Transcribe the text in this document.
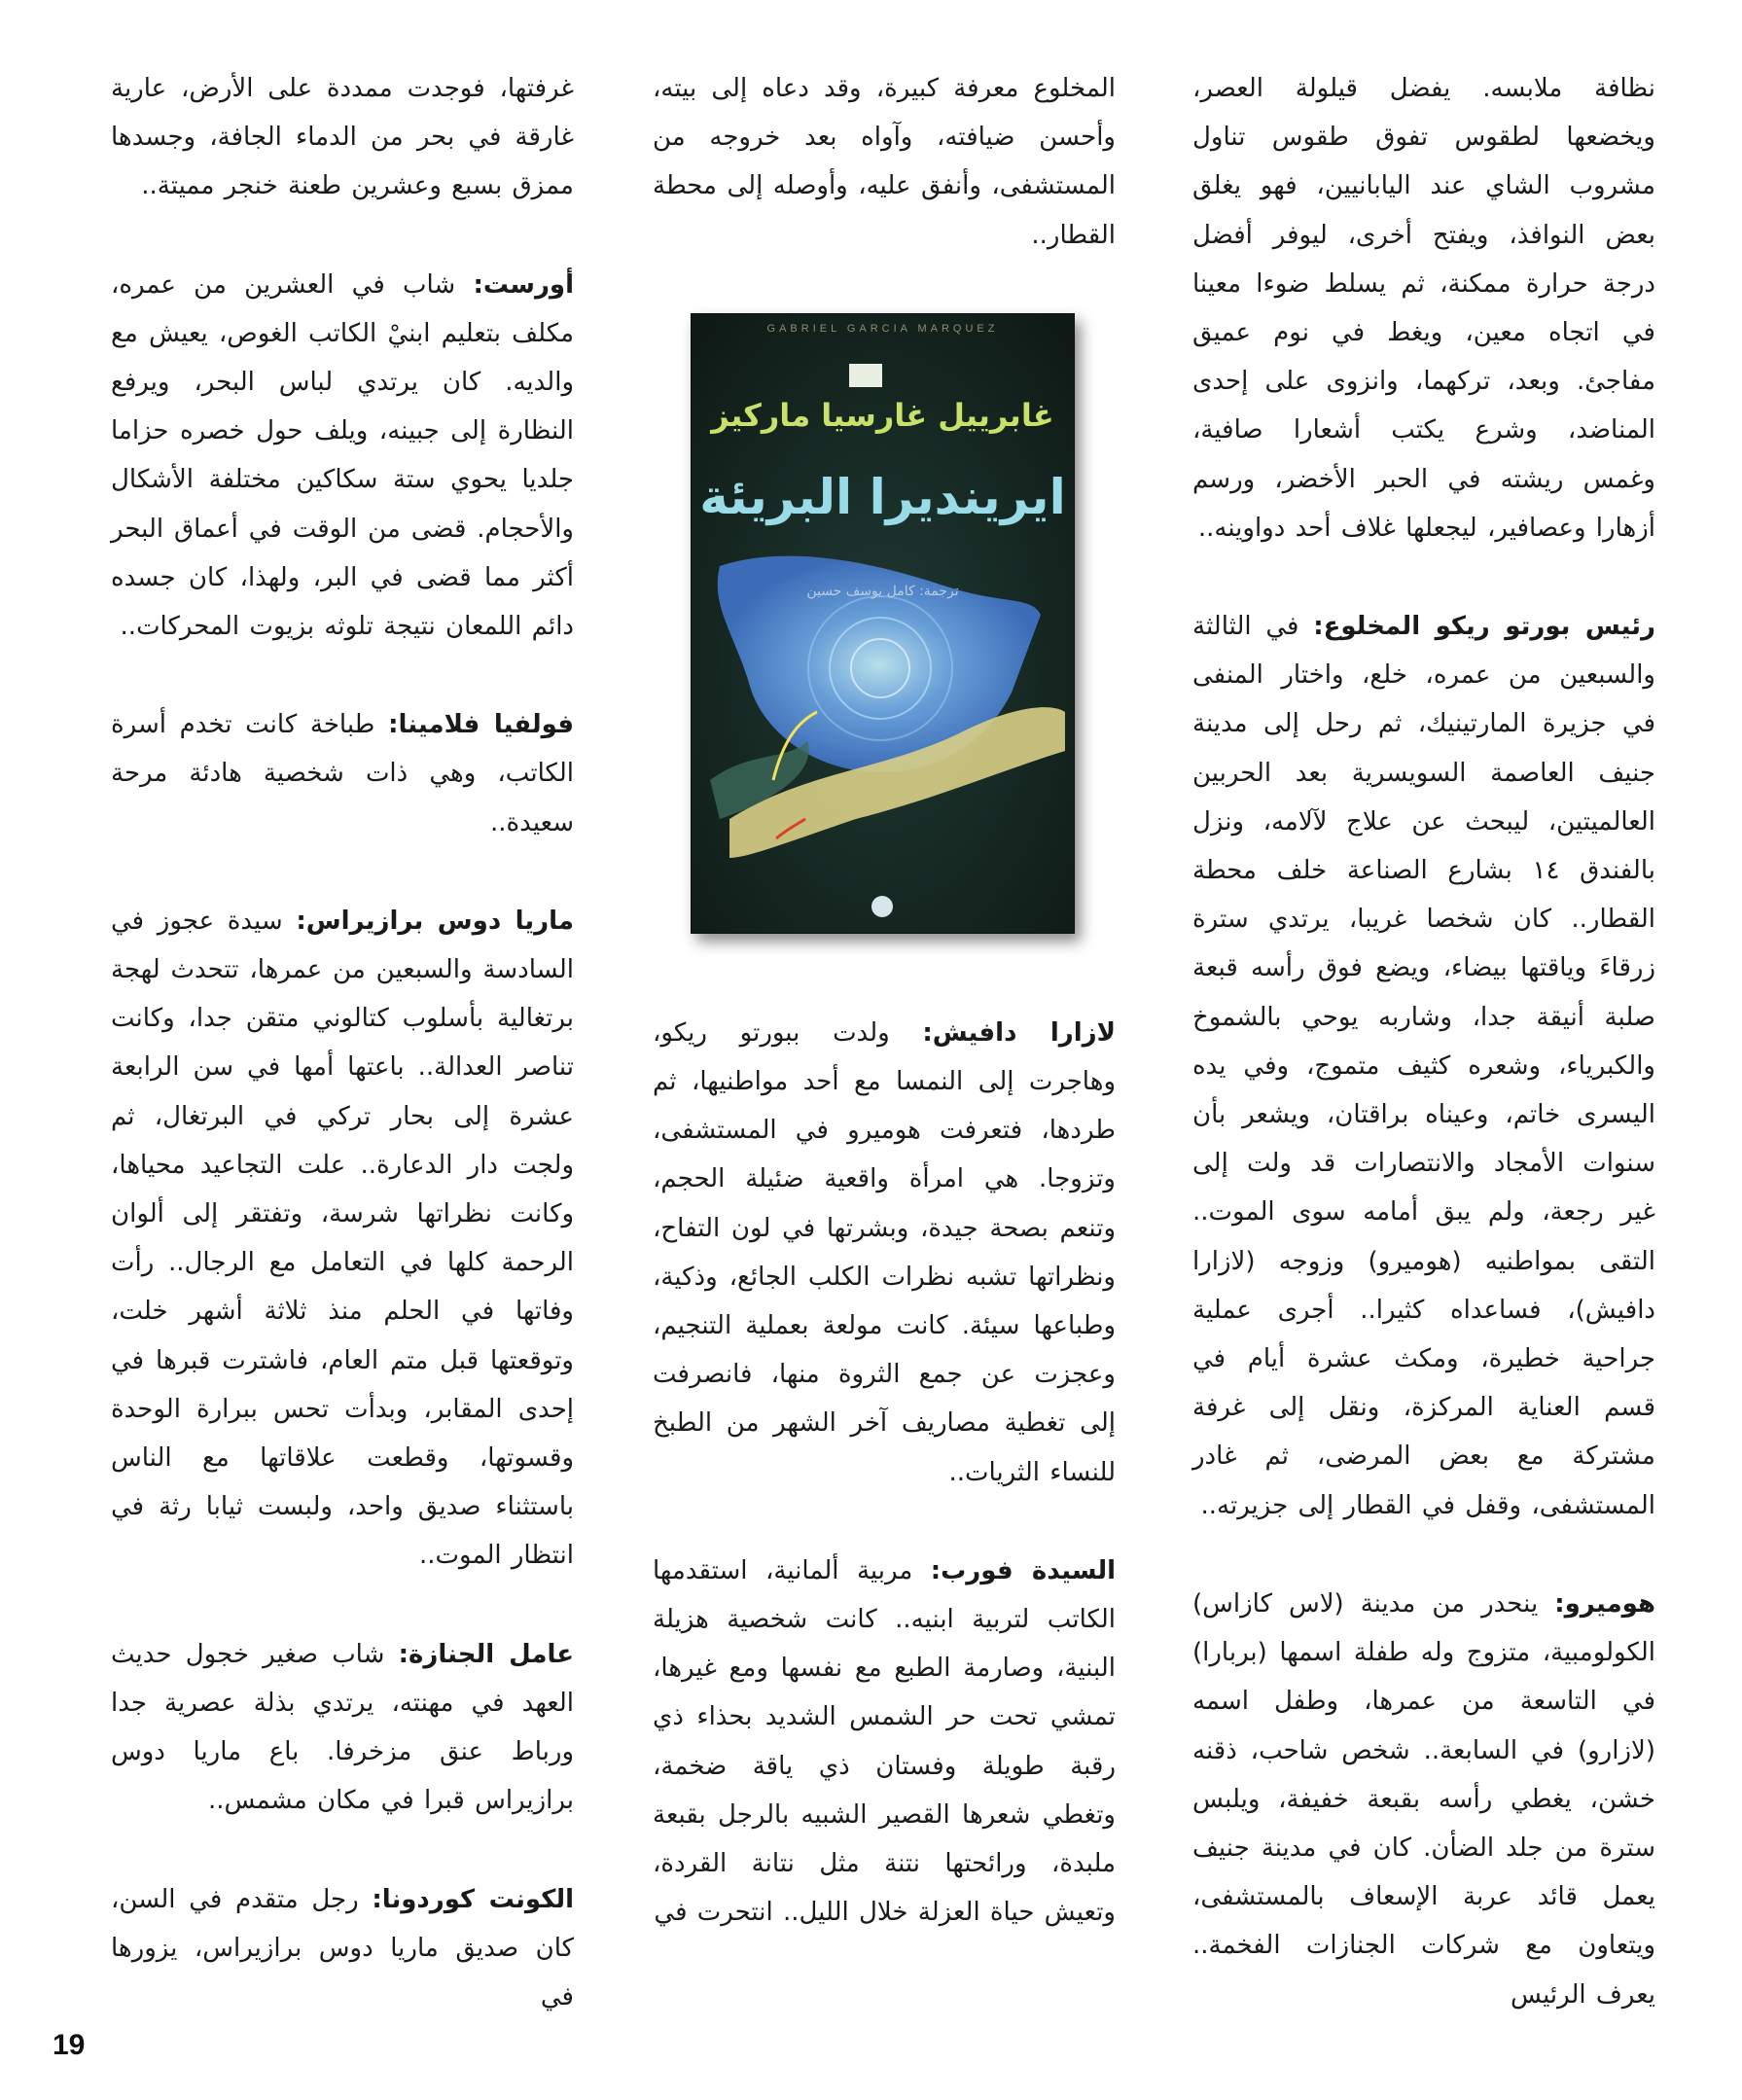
نظافة ملابسه. يفضل قيلولة العصر، ويخضعها لطقوس تفوق طقوس تناول مشروب الشاي عند اليابانيين، فهو يغلق بعض النوافذ، ويفتح أخرى، ليوفر أفضل درجة حرارة ممكنة، ثم يسلط ضوءا معينا في اتجاه معين، ويغط في نوم عميق مفاجئ. وبعد، تركهما، وانزوى على إحدى المناضد، وشرع يكتب أشعارا صافية، وغمس ريشته في الحبر الأخضر، ورسم أزهارا وعصافير، ليجعلها غلاف أحد دواوينه..

رئيس بورتو ريكو المخلوع: في الثالثة والسبعين من عمره، خلع، واختار المنفى في جزيرة المارتينيك، ثم رحل إلى مدينة جنيف العاصمة السويسرية بعد الحربين العالميتين، ليبحث عن علاج لآلامه، ونزل بالفندق ١٤ بشارع الصناعة خلف محطة القطار.. كان شخصا غريبا، يرتدي سترة زرقاءَ وياقتها بيضاء، ويضع فوق رأسه قبعة صلبة أنيقة جدا، وشاربه يوحي بالشموخ والكبرياء، وشعره كثيف متموج، وفي يده اليسرى خاتم، وعيناه براقتان، ويشعر بأن سنوات الأمجاد والانتصارات قد ولت إلى غير رجعة، ولم يبق أمامه سوى الموت.. التقى بمواطنيه (هوميرو) وزوجه (لازارا دافيش)، فساعداه كثيرا.. أجرى عملية جراحية خطيرة، ومكث عشرة أيام في قسم العناية المركزة، ونقل إلى غرفة مشتركة مع بعض المرضى، ثم غادر المستشفى، وقفل في القطار إلى جزيرته..

هوميرو: ينحدر من مدينة (لاس كازاس) الكولومبية، متزوج وله طفلة اسمها (بربارا) في التاسعة من عمرها، وطفل اسمه (لازارو) في السابعة.. شخص شاحب، ذقنه خشن، يغطي رأسه بقبعة خفيفة، ويلبس سترة من جلد الضأن. كان في مدينة جنيف يعمل قائد عربة الإسعاف بالمستشفى، ويتعاون مع شركات الجنازات الفخمة.. يعرف الرئيس

المخلوع معرفة كبيرة، وقد دعاه إلى بيته، وأحسن ضيافته، وآواه بعد خروجه من المستشفى، وأنفق عليه، وأوصله إلى محطة القطار..

لازارا دافيش: ولدت ببورتو ريكو، وهاجرت إلى النمسا مع أحد مواطنيها، ثم طردها، فتعرفت هوميرو في المستشفى، وتزوجا. هي امرأة واقعية ضئيلة الحجم، وتنعم بصحة جيدة، وبشرتها في لون التفاح، ونظراتها تشبه نظرات الكلب الجائع، وذكية، وطباعها سيئة. كانت مولعة بعملية التنجيم، وعجزت عن جمع الثروة منها، فانصرفت إلى تغطية مصاريف آخر الشهر من الطبخ للنساء الثريات..

السيدة فورب: مربية ألمانية، استقدمها الكاتب لتربية ابنيه.. كانت شخصية هزيلة البنية، وصارمة الطبع مع نفسها ومع غيرها، تمشي تحت حر الشمس الشديد بحذاء ذي رقبة طويلة وفستان ذي ياقة ضخمة، وتغطي شعرها القصير الشبيه بالرجل بقبعة ملبدة، ورائحتها نتنة مثل نتانة القردة، وتعيش حياة العزلة خلال الليل.. انتحرت في

غرفتها، فوجدت ممددة على الأرض، عارية غارقة في بحر من الدماء الجافة، وجسدها ممزق بسبع وعشرين طعنة خنجر مميتة..

أورست: شاب في العشرين من عمره، مكلف بتعليم ابنيْ الكاتب الغوص، يعيش مع والديه. كان يرتدي لباس البحر، ويرفع النظارة إلى جبينه، ويلف حول خصره حزاما جلديا يحوي ستة سكاكين مختلفة الأشكال والأحجام. قضى من الوقت في أعماق البحر أكثر مما قضى في البر، ولهذا، كان جسده دائم اللمعان نتيجة تلوثه بزيوت المحركات..

فولفيا فلامينا: طباخة كانت تخدم أسرة الكاتب، وهي ذات شخصية هادئة مرحة سعيدة..

ماريا دوس برازيراس: سيدة عجوز في السادسة والسبعين من عمرها، تتحدث لهجة برتغالية بأسلوب كتالوني متقن جدا، وكانت تناصر العدالة.. باعتها أمها في سن الرابعة عشرة إلى بحار تركي في البرتغال، ثم ولجت دار الدعارة.. علت التجاعيد محياها، وكانت نظراتها شرسة، وتفتقر إلى ألوان الرحمة كلها في التعامل مع الرجال.. رأت وفاتها في الحلم منذ ثلاثة أشهر خلت، وتوقعتها قبل متم العام، فاشترت قبرها في إحدى المقابر، وبدأت تحس ببرارة الوحدة وقسوتها، وقطعت علاقاتها مع الناس باستثناء صديق واحد، ولبست ثيابا رثة في انتظار الموت..

عامل الجنازة: شاب صغير خجول حديث العهد في مهنته، يرتدي بذلة عصرية جدا ورباط عنق مزخرفا. باع ماريا دوس برازيراس قبرا في مكان مشمس..

الكونت كوردونا: رجل متقدم في السن، كان صديق ماريا دوس برازيراس، يزورها في

GABRIEL GARCIA MARQUEZ
غابرييل غارسيا ماركيز
ايرينديرا البريئة
ترجمة: كامل يوسف حسين
19
